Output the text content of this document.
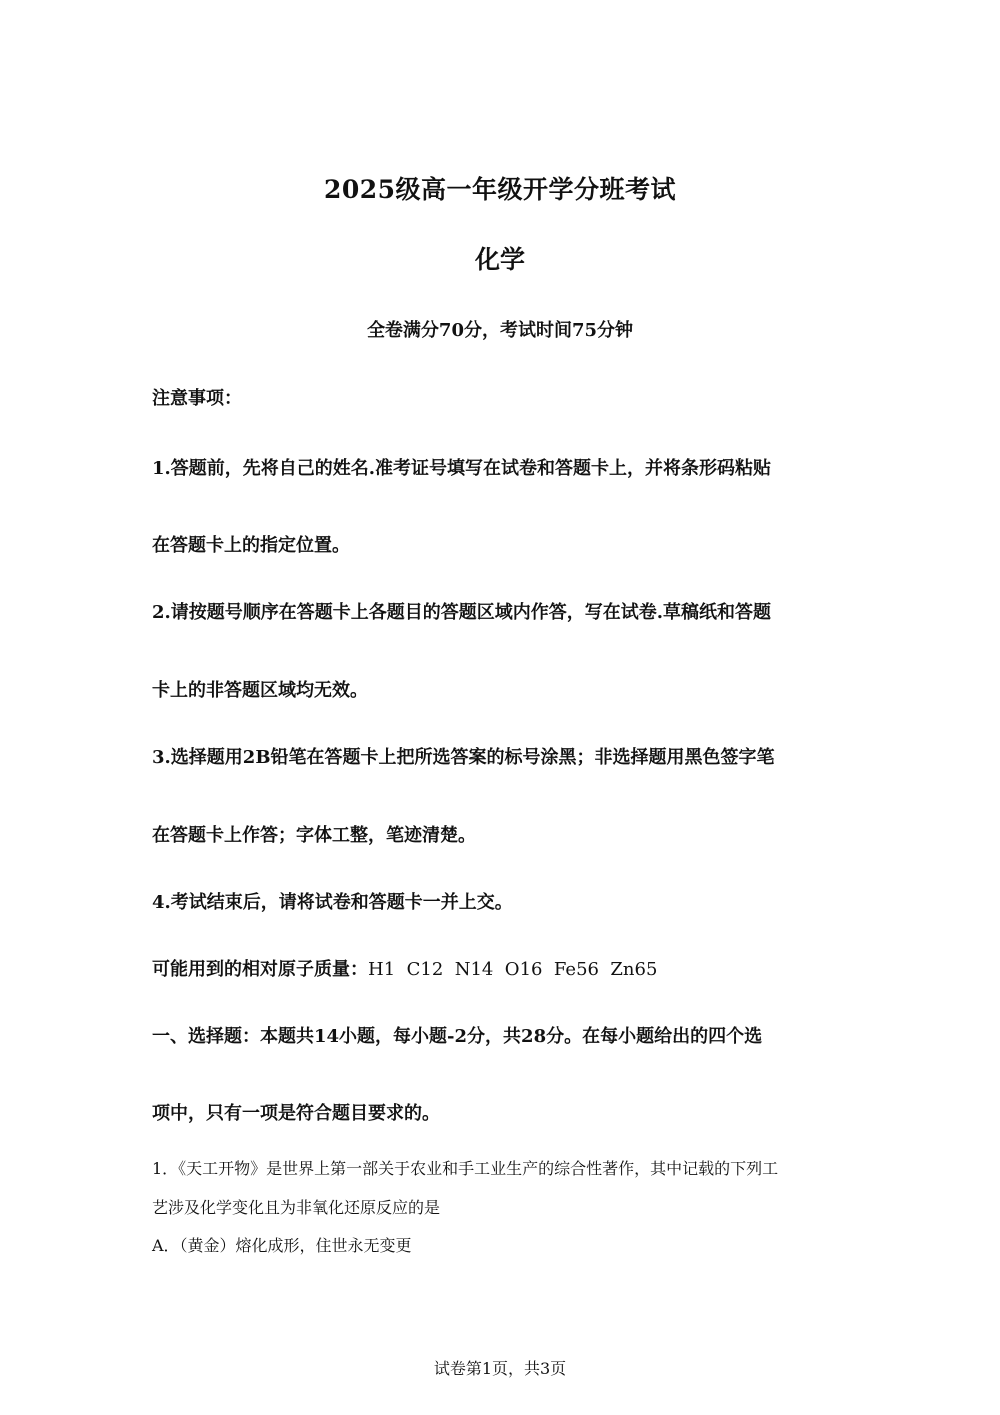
2025级高一年级开学分班考试
化学
全卷满分70分，考试时间75分钟
注意事项：
1.答题前，先将自己的姓名.准考证号填写在试卷和答题卡上，并将条形码粘贴
在答题卡上的指定位置。
2.请按题号顺序在答题卡上各题目的答题区域内作答，写在试卷.草稿纸和答题
卡上的非答题区域均无效。
3.选择题用2B铅笔在答题卡上把所选答案的标号涂黑；非选择题用黑色签字笔
在答题卡上作答；字体工整，笔迹清楚。
4.考试结束后，请将试卷和答题卡一并上交。
可能用到的相对原子质量：H1  C12  N14  O16  Fe56  Zn65
一、选择题：本题共14小题，每小题-2分，共28分。在每小题给出的四个选
项中，只有一项是符合题目要求的。
1．《天工开物》是世界上第一部关于农业和手工业生产的综合性著作，其中记载的下列工
艺涉及化学变化且为非氧化还原反应的是
A．（黄金）熔化成形，住世永无变更
试卷第1页，共3页
